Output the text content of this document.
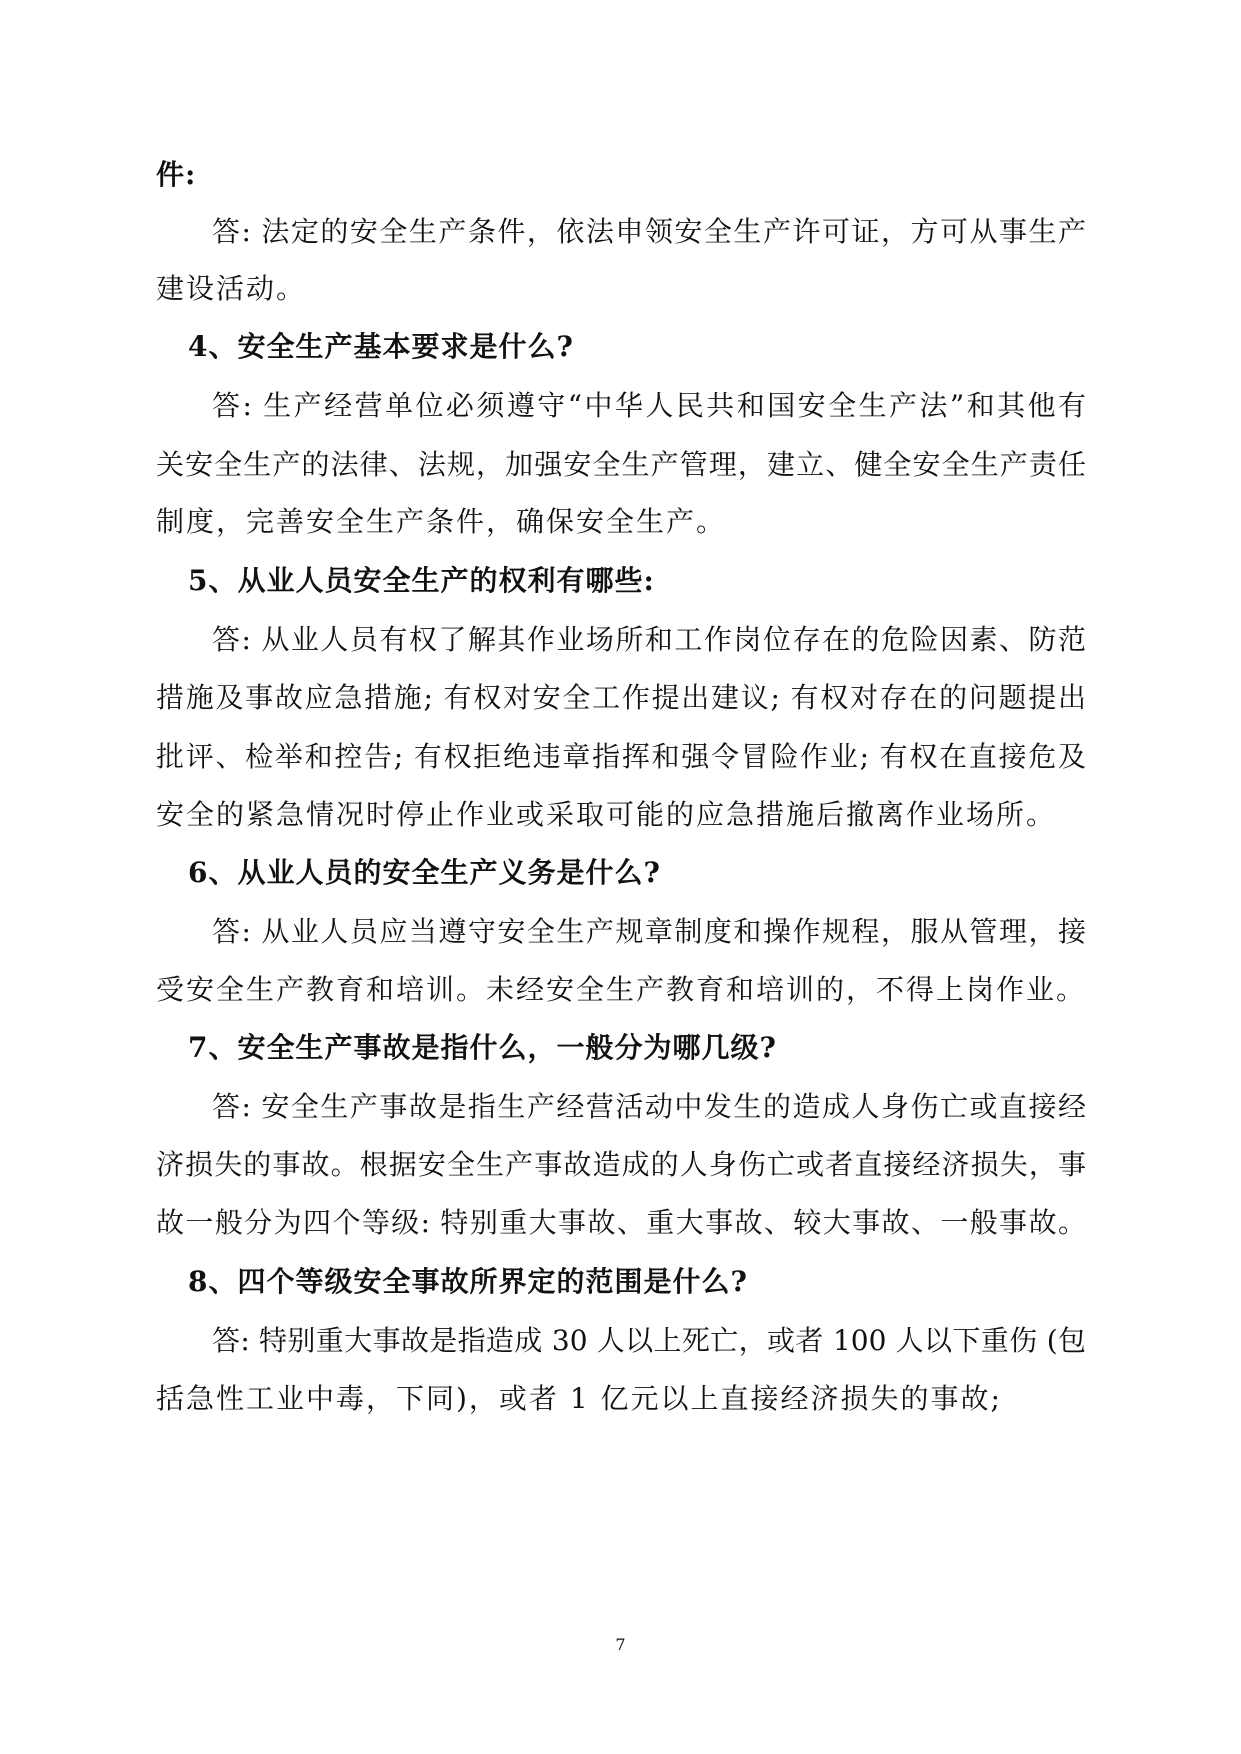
件:
答: 法定的安全生产条件，依法申领安全生产许可证，方可从事生产
建设活动。
4、安全生产基本要求是什么?
答: 生产经营单位必须遵守“中华人民共和国安全生产法”和其他有
关安全生产的法律、法规，加强安全生产管理，建立、健全安全生产责任
制度，完善安全生产条件，确保安全生产。
5、从业人员安全生产的权利有哪些:
答: 从业人员有权了解其作业场所和工作岗位存在的危险因素、防范
措施及事故应急措施; 有权对安全工作提出建议; 有权对存在的问题提出
批评、检举和控告; 有权拒绝违章指挥和强令冒险作业; 有权在直接危及
安全的紧急情况时停止作业或采取可能的应急措施后撤离作业场所。
6、从业人员的安全生产义务是什么?
答: 从业人员应当遵守安全生产规章制度和操作规程，服从管理，接
受安全生产教育和培训。未经安全生产教育和培训的，不得上岗作业。
7、安全生产事故是指什么，一般分为哪几级?
答: 安全生产事故是指生产经营活动中发生的造成人身伤亡或直接经
济损失的事故。根据安全生产事故造成的人身伤亡或者直接经济损失，事
故一般分为四个等级: 特别重大事故、重大事故、较大事故、一般事故。
8、四个等级安全事故所界定的范围是什么?
答: 特别重大事故是指造成 30 人以上死亡，或者 100 人以下重伤 (包
括急性工业中毒，下同)，或者 1 亿元以上直接经济损失的事故;
7
